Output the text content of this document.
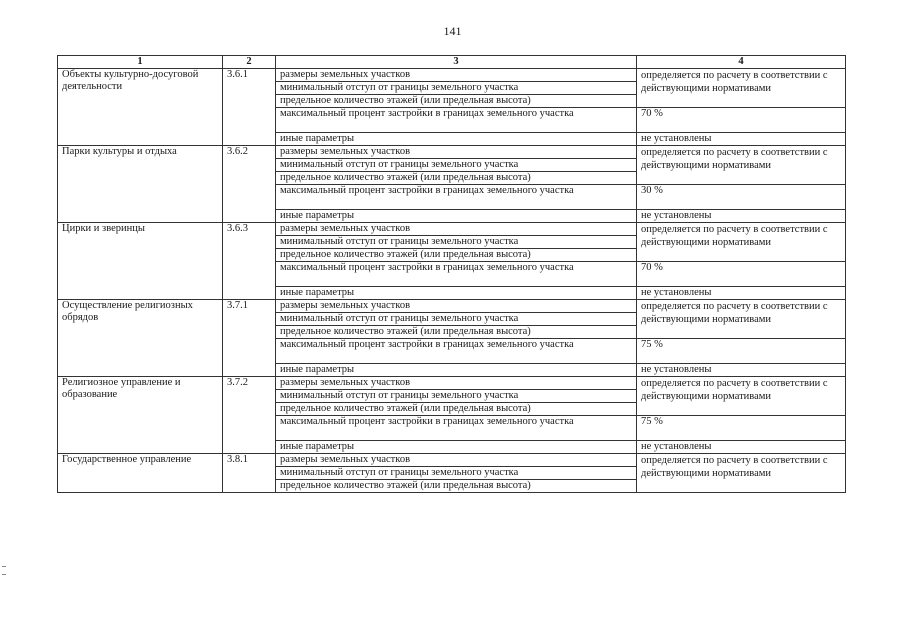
141
1	2	3	4
Объекты культурно-досуговой деятельности	3.6.1	размеры земельных участков	определяется по расчету в соответствии с действующими нормативами
		минимальный отступ от границы земельного участка	
		предельное количество этажей (или предельная высота)	
		максимальный процент застройки в границах земельного участка	70 %
		иные параметры	не установлены
Парки культуры и отдыха	3.6.2	размеры земельных участков	определяется по расчету в соответствии с действующими нормативами
		минимальный отступ от границы земельного участка	
		предельное количество этажей (или предельная высота)	
		максимальный процент застройки в границах земельного участка	30 %
		иные параметры	не установлены
Цирки и зверинцы	3.6.3	размеры земельных участков	определяется по расчету в соответствии с действующими нормативами
		минимальный отступ от границы земельного участка	
		предельное количество этажей (или предельная высота)	
		максимальный процент застройки в границах земельного участка	70 %
		иные параметры	не установлены
Осуществление религиозных обрядов	3.7.1	размеры земельных участков	определяется по расчету в соответствии с действующими нормативами
		минимальный отступ от границы земельного участка	
		предельное количество этажей (или предельная высота)	
		максимальный процент застройки в границах земельного участка	75 %
		иные параметры	не установлены
Религиозное управление и образование	3.7.2	размеры земельных участков	определяется по расчету в соответствии с действующими нормативами
		минимальный отступ от границы земельного участка	
		предельное количество этажей (или предельная высота)	
		максимальный процент застройки в границах земельного участка	75 %
		иные параметры	не установлены
Государственное управление	3.8.1	размеры земельных участков	определяется по расчету в соответствии с действующими нормативами
		минимальный отступ от границы земельного участка	
		предельное количество этажей (или предельная высота)	
